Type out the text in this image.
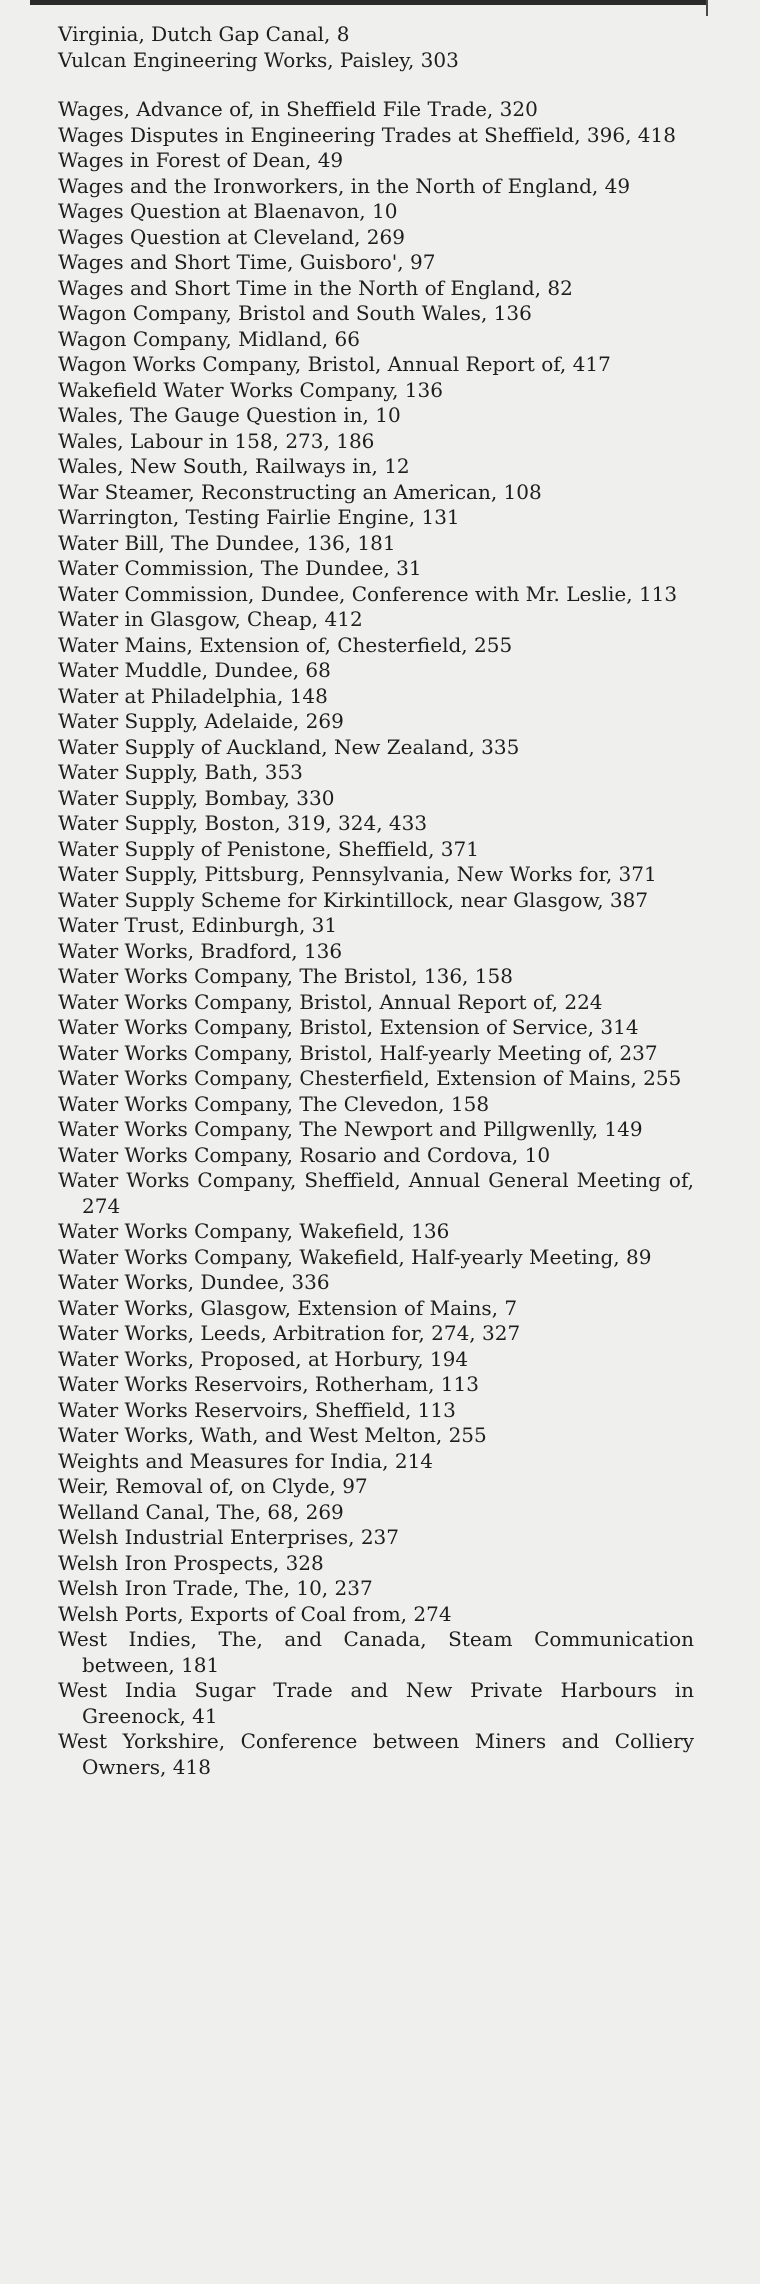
Virginia, Dutch Gap Canal, 8
Vulcan Engineering Works, Paisley, 303
Wages, Advance of, in Sheffield File Trade, 320
Wages Disputes in Engineering Trades at Sheffield, 396, 418
Wages in Forest of Dean, 49
Wages and the Ironworkers, in the North of England, 49
Wages Question at Blaenavon, 10
Wages Question at Cleveland, 269
Wages and Short Time, Guisboro', 97
Wages and Short Time in the North of England, 82
Wagon Company, Bristol and South Wales, 136
Wagon Company, Midland, 66
Wagon Works Company, Bristol, Annual Report of, 417
Wakefield Water Works Company, 136
Wales, The Gauge Question in, 10
Wales, Labour in 158, 273, 186
Wales, New South, Railways in, 12
War Steamer, Reconstructing an American, 108
Warrington, Testing Fairlie Engine, 131
Water Bill, The Dundee, 136, 181
Water Commission, The Dundee, 31
Water Commission, Dundee, Conference with Mr. Leslie, 113
Water in Glasgow, Cheap, 412
Water Mains, Extension of, Chesterfield, 255
Water Muddle, Dundee, 68
Water at Philadelphia, 148
Water Supply, Adelaide, 269
Water Supply of Auckland, New Zealand, 335
Water Supply, Bath, 353
Water Supply, Bombay, 330
Water Supply, Boston, 319, 324, 433
Water Supply of Penistone, Sheffield, 371
Water Supply, Pittsburg, Pennsylvania, New Works for, 371
Water Supply Scheme for Kirkintillock, near Glasgow, 387
Water Trust, Edinburgh, 31
Water Works, Bradford, 136
Water Works Company, The Bristol, 136, 158
Water Works Company, Bristol, Annual Report of, 224
Water Works Company, Bristol, Extension of Service, 314
Water Works Company, Bristol, Half-yearly Meeting of, 237
Water Works Company, Chesterfield, Extension of Mains, 255
Water Works Company, The Clevedon, 158
Water Works Company, The Newport and Pillgwenlly, 149
Water Works Company, Rosario and Cordova, 10
Water Works Company, Sheffield, Annual General Meeting of, 274
Water Works Company, Wakefield, 136
Water Works Company, Wakefield, Half-yearly Meeting, 89
Water Works, Dundee, 336
Water Works, Glasgow, Extension of Mains, 7
Water Works, Leeds, Arbitration for, 274, 327
Water Works, Proposed, at Horbury, 194
Water Works Reservoirs, Rotherham, 113
Water Works Reservoirs, Sheffield, 113
Water Works, Wath, and West Melton, 255
Weights and Measures for India, 214
Weir, Removal of, on Clyde, 97
Welland Canal, The, 68, 269
Welsh Industrial Enterprises, 237
Welsh Iron Prospects, 328
Welsh Iron Trade, The, 10, 237
Welsh Ports, Exports of Coal from, 274
West Indies, The, and Canada, Steam Communication between, 181
West India Sugar Trade and New Private Harbours in Greenock, 41
West Yorkshire, Conference between Miners and Colliery Owners, 418
